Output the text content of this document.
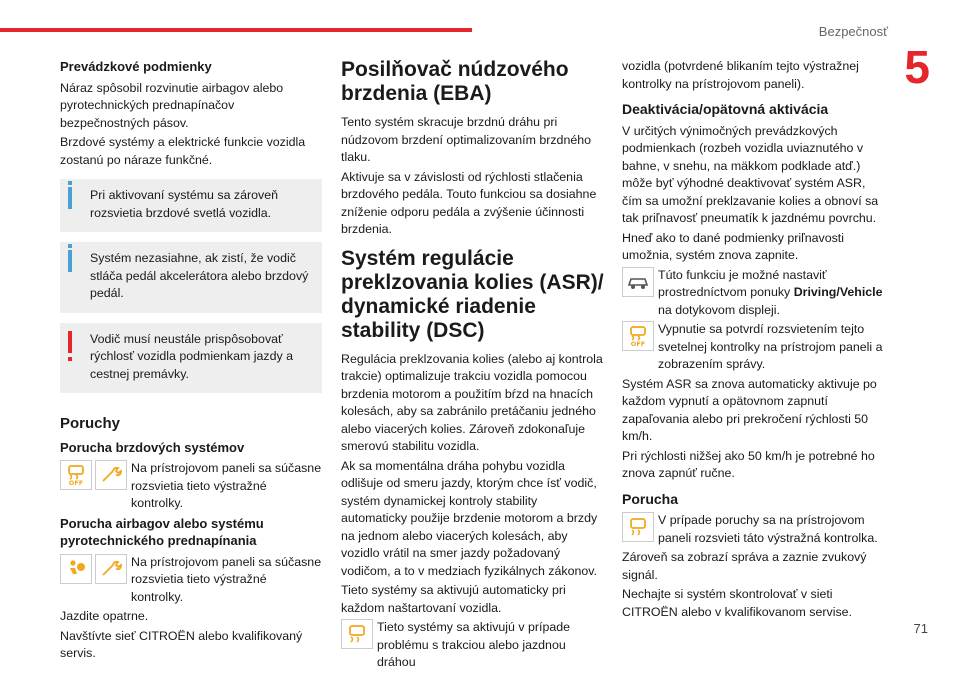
Bezpečnosť
5
Prevádzkové podmienky

Náraz spôsobil rozvinutie airbagov alebo pyrotechnických prednapínačov bezpečnostných pásov.

Brzdové systémy a elektrické funkcie vozidla zostanú po náraze funkčné.

Pri aktivovaní systému sa zároveň rozsvietia brzdové svetlá vozidla.
Systém nezasiahne, ak zistí, že vodič stláča pedál akcelerátora alebo brzdový pedál.
Vodič musí neustále prispôsobovať rýchlosť vozidla podmienkam jazdy a cestnej premávky.
Poruchy
Porucha brzdových systémov
OFF
Na prístrojovom paneli sa súčasne rozsvietia tieto výstražné kontrolky.
Porucha airbagov alebo systému pyrotechnického prednapínania
Na prístrojovom paneli sa súčasne rozsvietia tieto výstražné kontrolky.

Jazdite opatrne.

Navštívte sieť CITROËN alebo kvalifikovaný servis.

Posilňovač núdzového brzdenia (EBA)

Tento systém skracuje brzdnú dráhu pri núdzovom brzdení optimalizovaním brzdného tlaku.

Aktivuje sa v závislosti od rýchlosti stlačenia brzdového pedála. Touto funkciou sa dosiahne zníženie odporu pedála a zvýšenie účinnosti brzdenia.

Systém regulácie preklzovania kolies (ASR)/ dynamické riadenie stability (DSC)

Regulácia preklzovania kolies (alebo aj kontrola trakcie) optimalizuje trakciu vozidla pomocou brzdenia motorom a použitím bŕzd na hnacích kolesách, aby sa zabránilo pretáčaniu jedného alebo viacerých kolies. Zároveň zdokonaľuje smerovú stabilitu vozidla.

Ak sa momentálna dráha pohybu vozidla odlišuje od smeru jazdy, ktorým chce ísť vodič, systém dynamickej kontroly stability automaticky použije brzdenie motorom a brzdy na jednom alebo viacerých kolesách, aby vozidlo vrátil na smer jazdy požadovaný vodičom, a to v medziach fyzikálnych zákonov.

Tieto systémy sa aktivujú automaticky pri každom naštartovaní vozidla.

Tieto systémy sa aktivujú v prípade problému s trakciou alebo jazdnou dráhou

vozidla (potvrdené blikaním tejto výstražnej kontrolky na prístrojovom paneli).

Deaktivácia/opätovná aktivácia

V určitých výnimočných prevádzkových podmienkach (rozbeh vozidla uviaznutého v bahne, v snehu, na mäkkom podklade atď.) môže byť výhodné deaktivovať systém ASR, čím sa umožní preklzavanie kolies a obnoví sa tak priľnavosť pneumatík k jazdnému povrchu.

Hneď ako to dané podmienky priľnavosti umožnia, systém znova zapnite.

Túto funkciu je možné nastaviť prostredníctvom ponuky Driving/Vehicle na dotykovom displeji.
OFF
Vypnutie sa potvrdí rozsvietením tejto svetelnej kontrolky na prístrojom paneli a zobrazením správy.

Systém ASR sa znova automaticky aktivuje po každom vypnutí a opätovnom zapnutí zapaľovania alebo pri prekročení rýchlosti 50 km/h.

Pri rýchlosti nižšej ako 50 km/h je potrebné ho znova zapnúť ručne.

Porucha
V prípade poruchy sa na prístrojovom paneli rozsvieti táto výstražná kontrolka.

Zároveň sa zobrazí správa a zaznie zvukový signál.

Nechajte si systém skontrolovať v sieti CITROËN alebo v kvalifikovanom servise.

71
